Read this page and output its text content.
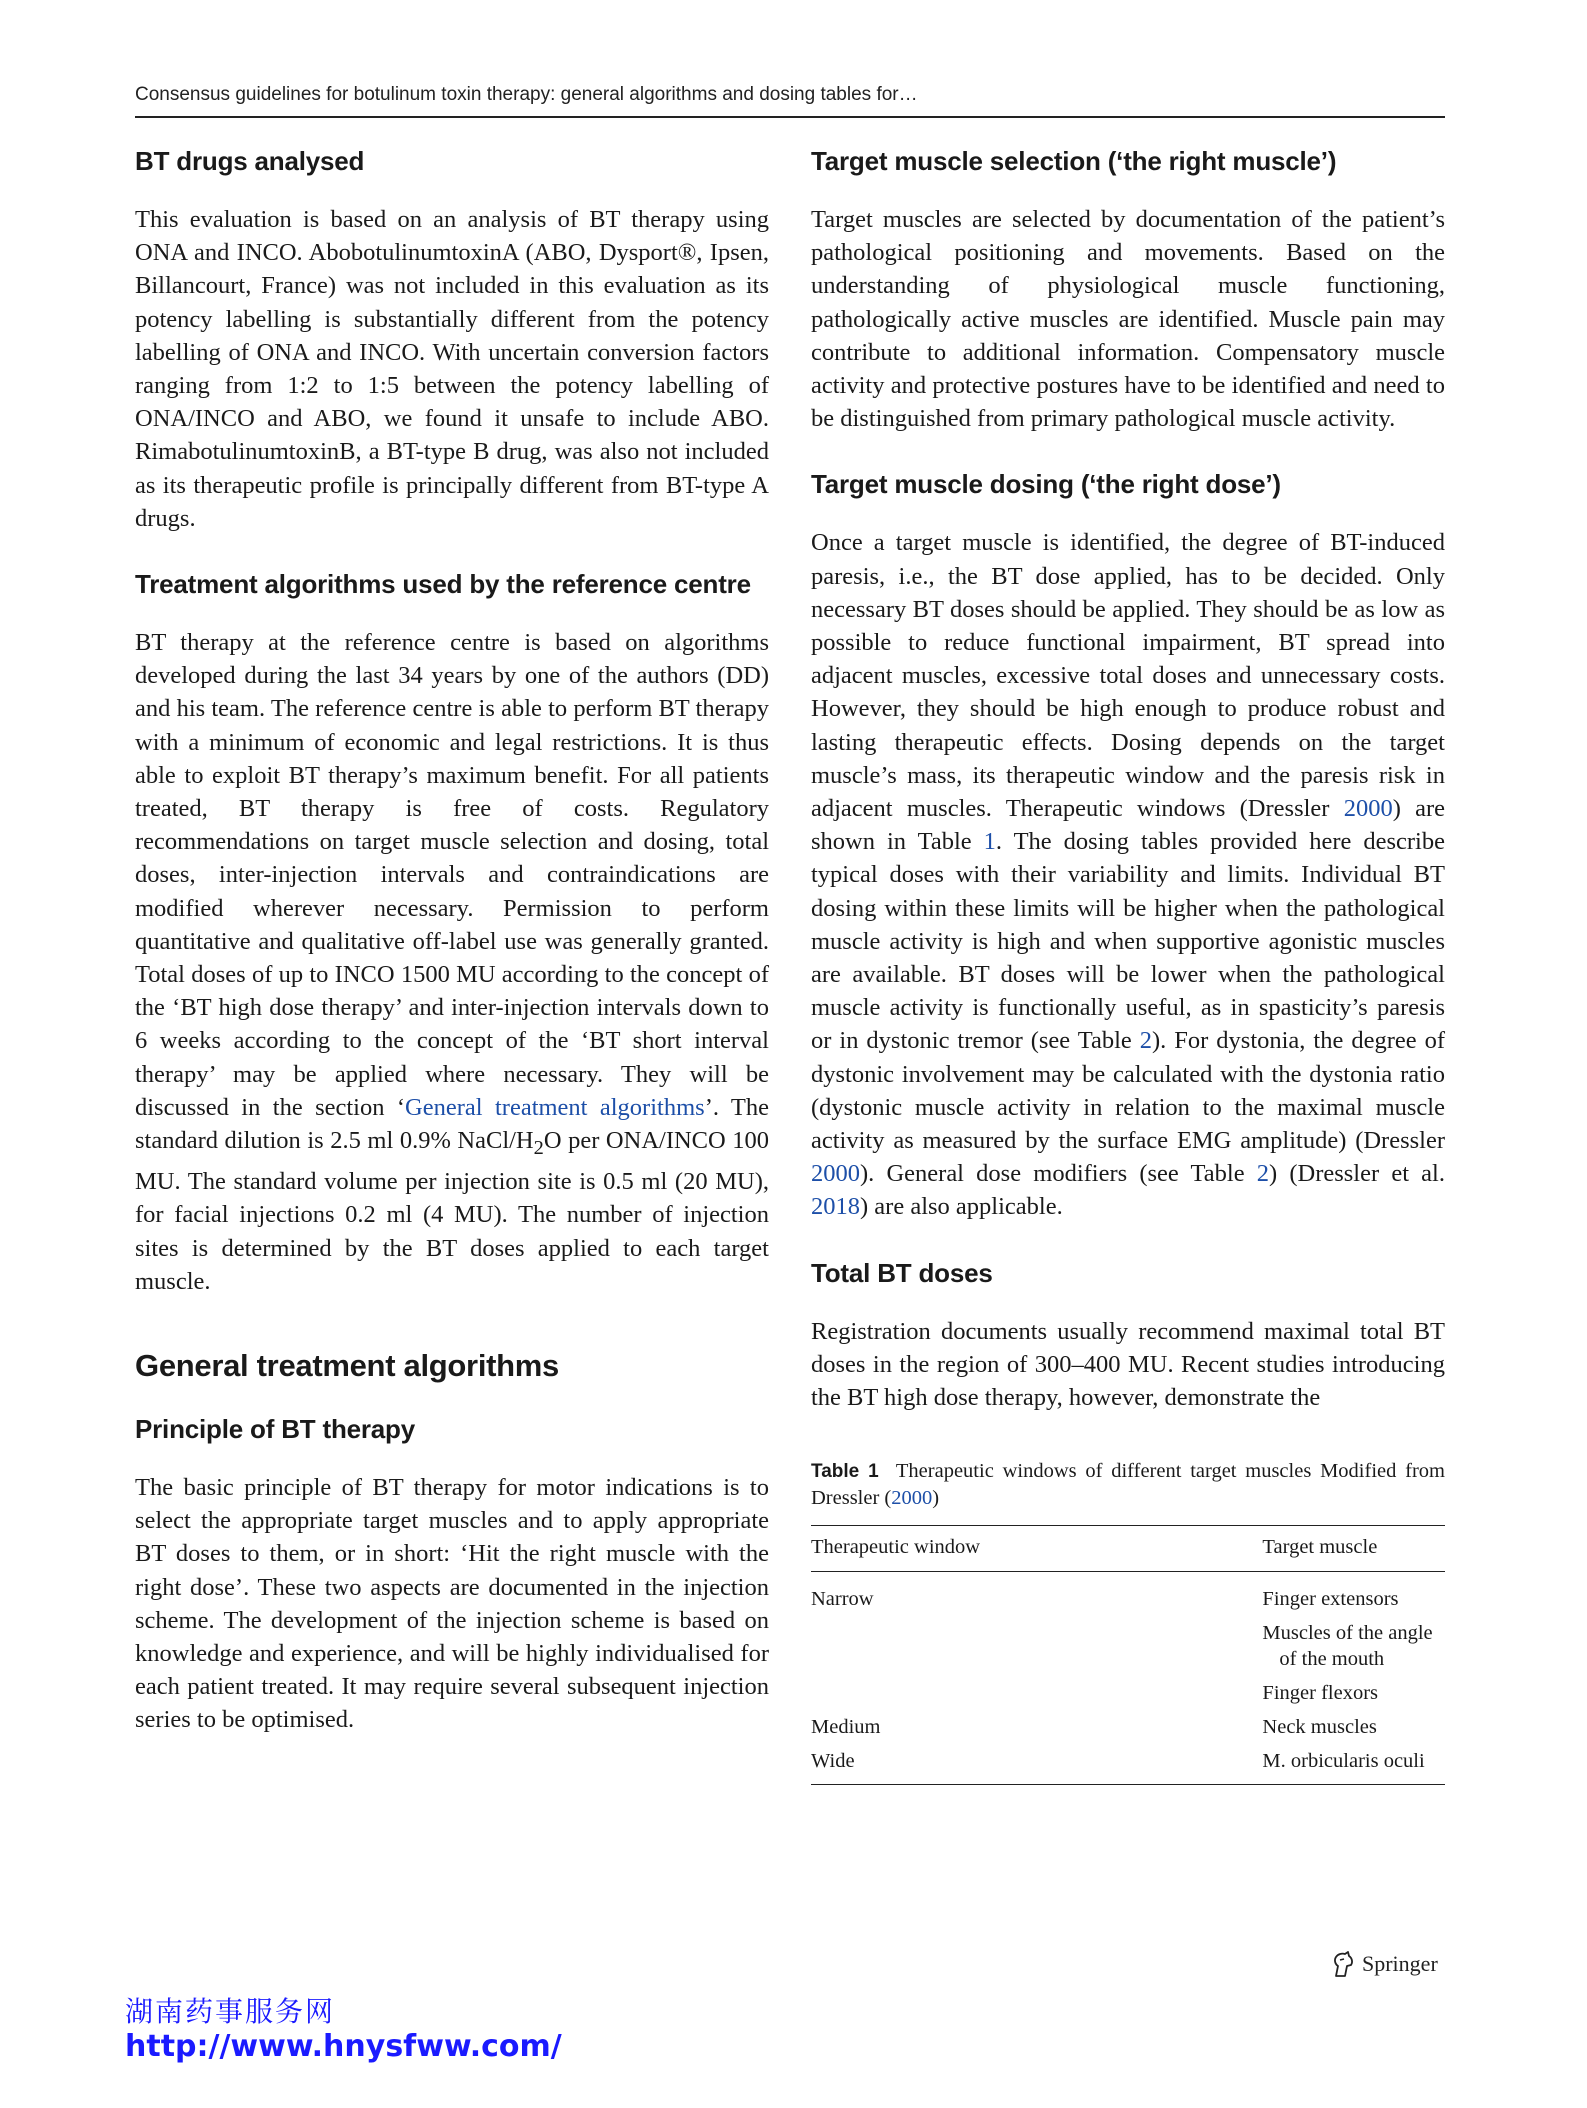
Consensus guidelines for botulinum toxin therapy: general algorithms and dosing tables for…
BT drugs analysed

This evaluation is based on an analysis of BT therapy using ONA and INCO. AbobotulinumtoxinA (ABO, Dysport®, Ipsen, Billancourt, France) was not included in this evaluation as its potency labelling is substantially different from the potency labelling of ONA and INCO. With uncertain conversion factors ranging from 1:2 to 1:5 between the potency labelling of ONA/INCO and ABO, we found it unsafe to include ABO. RimabotulinumtoxinB, a BT-type B drug, was also not included as its therapeutic profile is principally different from BT-type A drugs.

Treatment algorithms used by the reference centre

BT therapy at the reference centre is based on algorithms developed during the last 34 years by one of the authors (DD) and his team. The reference centre is able to perform BT therapy with a minimum of economic and legal restrictions. It is thus able to exploit BT therapy’s maximum benefit. For all patients treated, BT therapy is free of costs. Regulatory recommendations on target muscle selection and dosing, total doses, inter-injection intervals and contraindications are modified wherever necessary. Permission to perform quantitative and qualitative off-label use was generally granted. Total doses of up to INCO 1500 MU according to the concept of the ‘BT high dose therapy’ and inter-injection intervals down to 6 weeks according to the concept of the ‘BT short interval therapy’ may be applied where necessary. They will be discussed in the section ‘General treatment algorithms’. The standard dilution is 2.5 ml 0.9% NaCl/$H_2O$ per ONA/INCO 100 MU. The standard volume per injection site is 0.5 ml (20 MU), for facial injections 0.2 ml (4 MU). The number of injection sites is determined by the BT doses applied to each target muscle.

General treatment algorithms
Principle of BT therapy

The basic principle of BT therapy for motor indications is to select the appropriate target muscles and to apply appropriate BT doses to them, or in short: ‘Hit the right muscle with the right dose’. These two aspects are documented in the injection scheme. The development of the injection scheme is based on knowledge and experience, and will be highly individualised for each patient treated. It may require several subsequent injection series to be optimised.

Target muscle selection (‘the right muscle’)

Target muscles are selected by documentation of the patient’s pathological positioning and movements. Based on the understanding of physiological muscle functioning, pathologically active muscles are identified. Muscle pain may contribute to additional information. Compensatory muscle activity and protective postures have to be identified and need to be distinguished from primary pathological muscle activity.

Target muscle dosing (‘the right dose’)

Once a target muscle is identified, the degree of BT-induced paresis, i.e., the BT dose applied, has to be decided. Only necessary BT doses should be applied. They should be as low as possible to reduce functional impairment, BT spread into adjacent muscles, excessive total doses and unnecessary costs. However, they should be high enough to produce robust and lasting therapeutic effects. Dosing depends on the target muscle’s mass, its therapeutic window and the paresis risk in adjacent muscles. Therapeutic windows (Dressler 2000) are shown in Table 1. The dosing tables provided here describe typical doses with their variability and limits. Individual BT dosing within these limits will be higher when the pathological muscle activity is high and when supportive agonistic muscles are available. BT doses will be lower when the pathological muscle activity is functionally useful, as in spasticity’s paresis or in dystonic tremor (see Table 2). For dystonia, the degree of dystonic involvement may be calculated with the dystonia ratio (dystonic muscle activity in relation to the maximal muscle activity as measured by the surface EMG amplitude) (Dressler 2000). General dose modifiers (see Table 2) (Dressler et al. 2018) are also applicable.

Total BT doses

Registration documents usually recommend maximal total BT doses in the region of 300–400 MU. Recent studies introducing the BT high dose therapy, however, demonstrate the

Table 1 Therapeutic windows of different target muscles Modified from Dressler (2000)
Therapeutic window	Target muscle
Narrow	Finger extensors

	Muscles of the angle of the mouth

	Finger flexors
Medium	Neck muscles
Wide	M. orbicularis oculi
Springer
湖南药事服务网
http://www.hnysfww.com/
